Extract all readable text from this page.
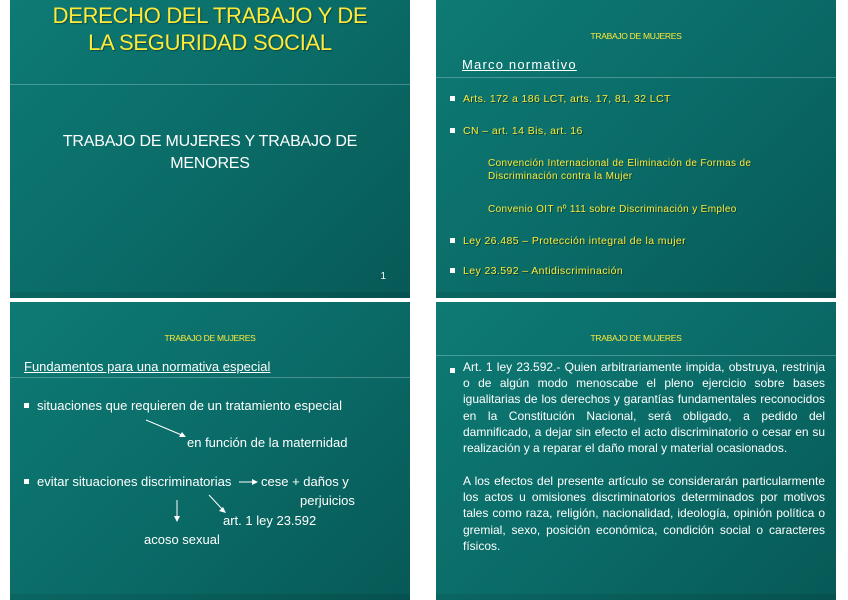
DERECHO DEL TRABAJO Y DE
LA SEGURIDAD SOCIAL
TRABAJO DE MUJERES Y TRABAJO DE
MENORES
1
TRABAJO DE MUJERES
Marco normativo
Arts. 172 a 186 LCT, arts. 17, 81, 32 LCT
CN – art. 14 Bis, art. 16
Convención Internacional de Eliminación de Formas de
Discriminación contra la Mujer
Convenio OIT nº 111 sobre Discriminación y Empleo
Ley 26.485 – Protección integral de la mujer
Ley 23.592 – Antidiscriminación
TRABAJO DE MUJERES
Fundamentos para una normativa especial
situaciones que requieren de un tratamiento especial
en función de la maternidad
evitar situaciones discriminatorias cese + daños y
perjuicios
art. 1 ley 23.592
acoso sexual
TRABAJO DE MUJERES
Art. 1 ley 23.592.- Quien arbitrariamente impida, obstruya, restrinja o de algún modo menoscabe el pleno ejercicio sobre bases igualitarias de los derechos y garantías fundamentales reconocidos en la Constitución Nacional, será obligado, a pedido del damnificado, a dejar sin efecto el acto discriminatorio o cesar en su realización y a reparar el daño moral y material ocasionados.
A los efectos del presente artículo se considerarán particularmente los actos u omisiones discriminatorios determinados por motivos tales como raza, religión, nacionalidad, ideología, opinión política o gremial, sexo, posición económica, condición social o caracteres físicos.
